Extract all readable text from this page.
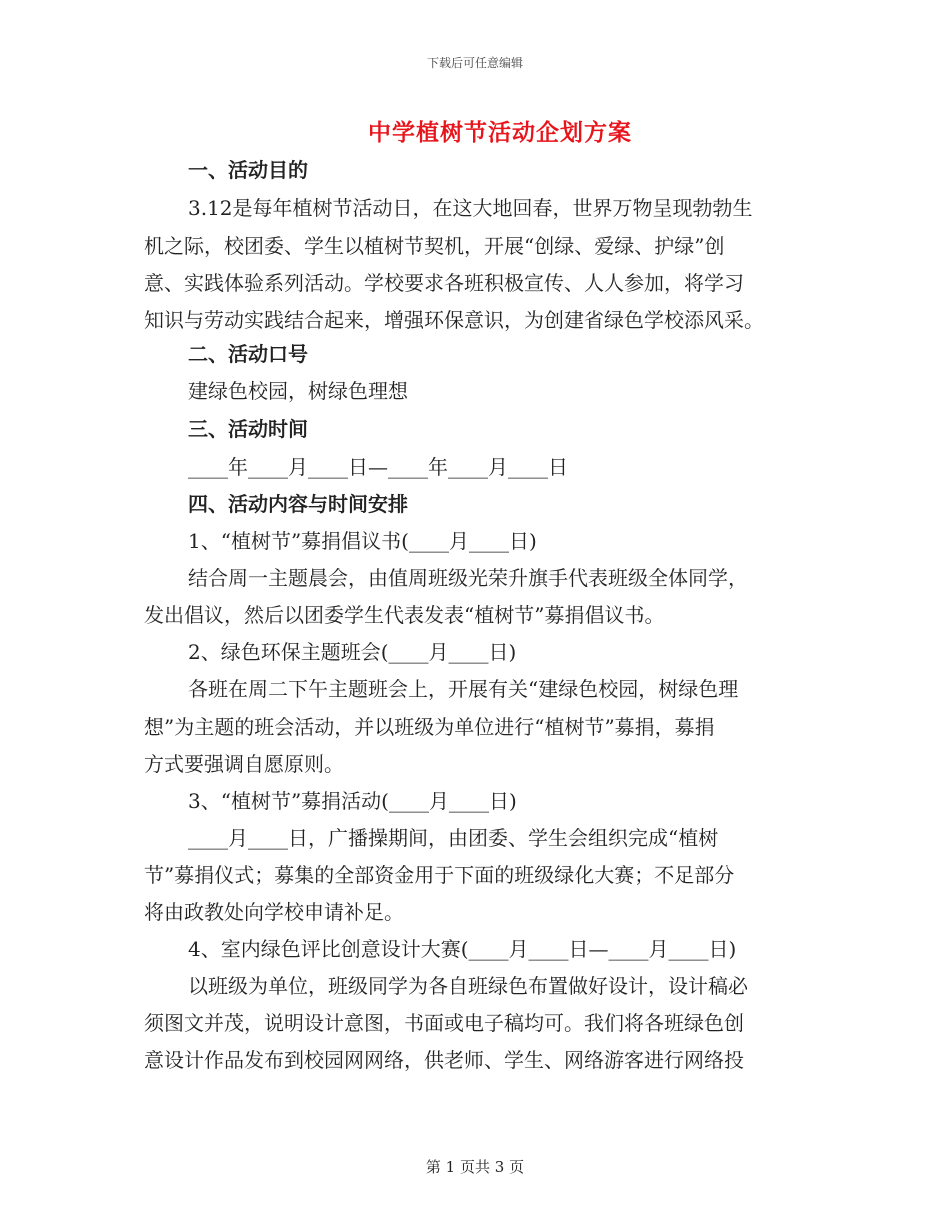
下载后可任意编辑
中学植树节活动企划方案
一、活动目的
3.12是每年植树节活动日，在这大地回春，世界万物呈现勃勃生
机之际，校团委、学生以植树节契机，开展“创绿、爱绿、护绿”创
意、实践体验系列活动。学校要求各班积极宣传、人人参加，将学习
知识与劳动实践结合起来，增强环保意识，为创建省绿色学校添风采。
二、活动口号
建绿色校园，树绿色理想
三、活动时间
____年____月____日—____年____月____日
四、活动内容与时间安排
1、“植树节”募捐倡议书(____月____日)
结合周一主题晨会，由值周班级光荣升旗手代表班级全体同学，
发出倡议，然后以团委学生代表发表“植树节”募捐倡议书。
2、绿色环保主题班会(____月____日)
各班在周二下午主题班会上，开展有关“建绿色校园，树绿色理
想”为主题的班会活动，并以班级为单位进行“植树节”募捐，募捐
方式要强调自愿原则。
3、“植树节”募捐活动(____月____日)
____月____日，广播操期间，由团委、学生会组织完成“植树
节”募捐仪式；募集的全部资金用于下面的班级绿化大赛；不足部分
将由政教处向学校申请补足。
4、室内绿色评比创意设计大赛(____月____日—____月____日)
以班级为单位，班级同学为各自班绿色布置做好设计，设计稿必
须图文并茂，说明设计意图，书面或电子稿均可。我们将各班绿色创
意设计作品发布到校园网网络，供老师、学生、网络游客进行网络投
第 1 页共 3 页
